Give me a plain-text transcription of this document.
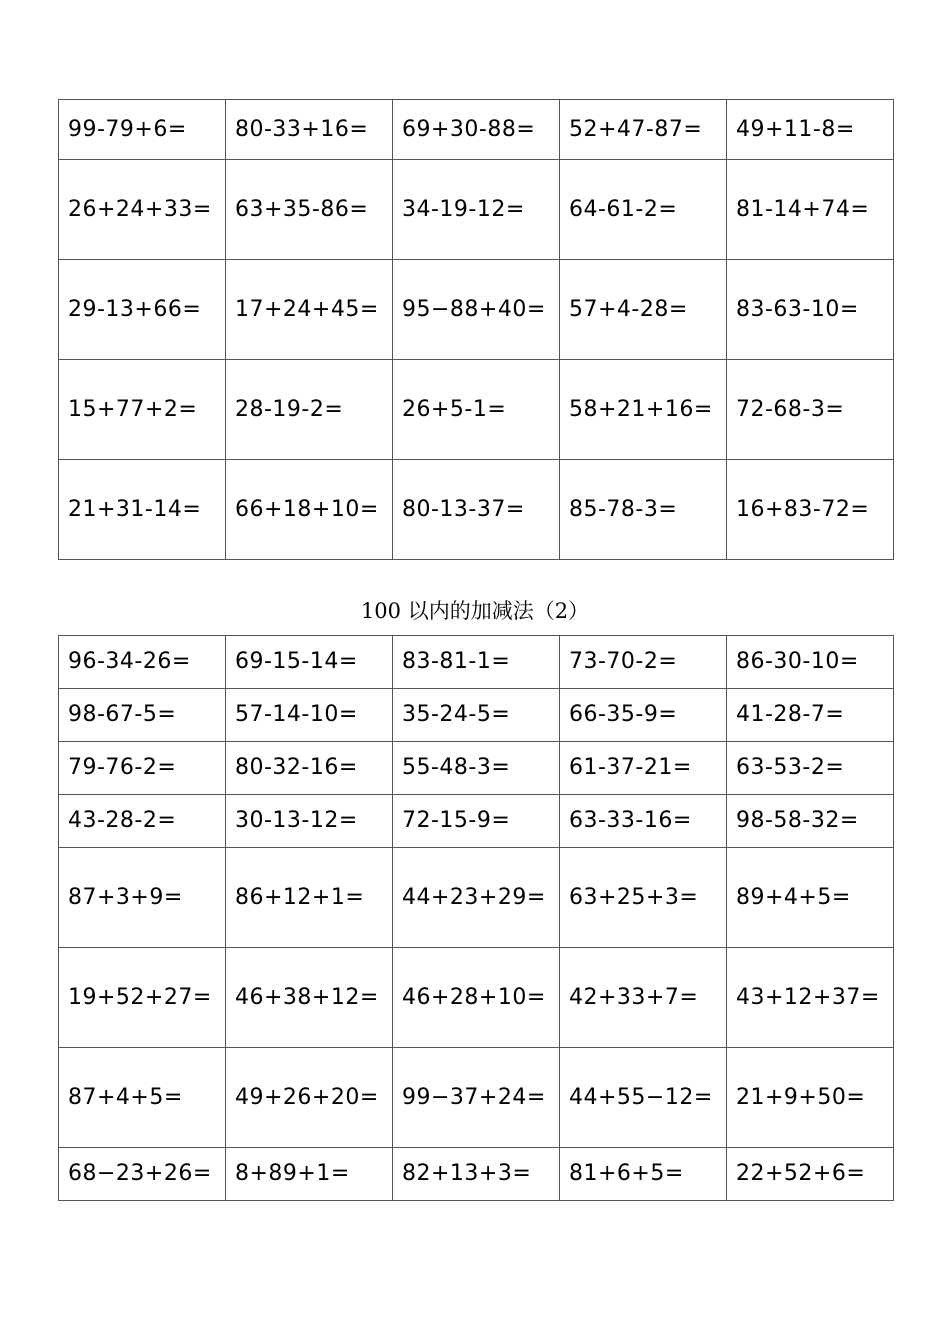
99-79+6=	80-33+16=	69+30-88=	52+47-87=	49+11-8=
26+24+33=	63+35-86=	34-19-12=	64-61-2=	81-14+74=
29-13+66=	17+24+45=	95−88+40=	57+4-28=	83-63-10=
15+77+2=	28-19-2=	26+5-1=	58+21+16=	72-68-3=
21+31-14=	66+18+10=	80-13-37=	85-78-3=	16+83-72=
100 以内的加减法（2）
96-34-26=	69-15-14=	83-81-1=	73-70-2=	86-30-10=
98-67-5=	57-14-10=	35-24-5=	66-35-9=	41-28-7=
79-76-2=	80-32-16=	55-48-3=	61-37-21=	63-53-2=
43-28-2=	30-13-12=	72-15-9=	63-33-16=	98-58-32=
87+3+9=	86+12+1=	44+23+29=	63+25+3=	89+4+5=
19+52+27=	46+38+12=	46+28+10=	42+33+7=	43+12+37=
87+4+5=	49+26+20=	99−37+24=	44+55−12=	21+9+50=
68−23+26=	8+89+1=	82+13+3=	81+6+5=	22+52+6=
